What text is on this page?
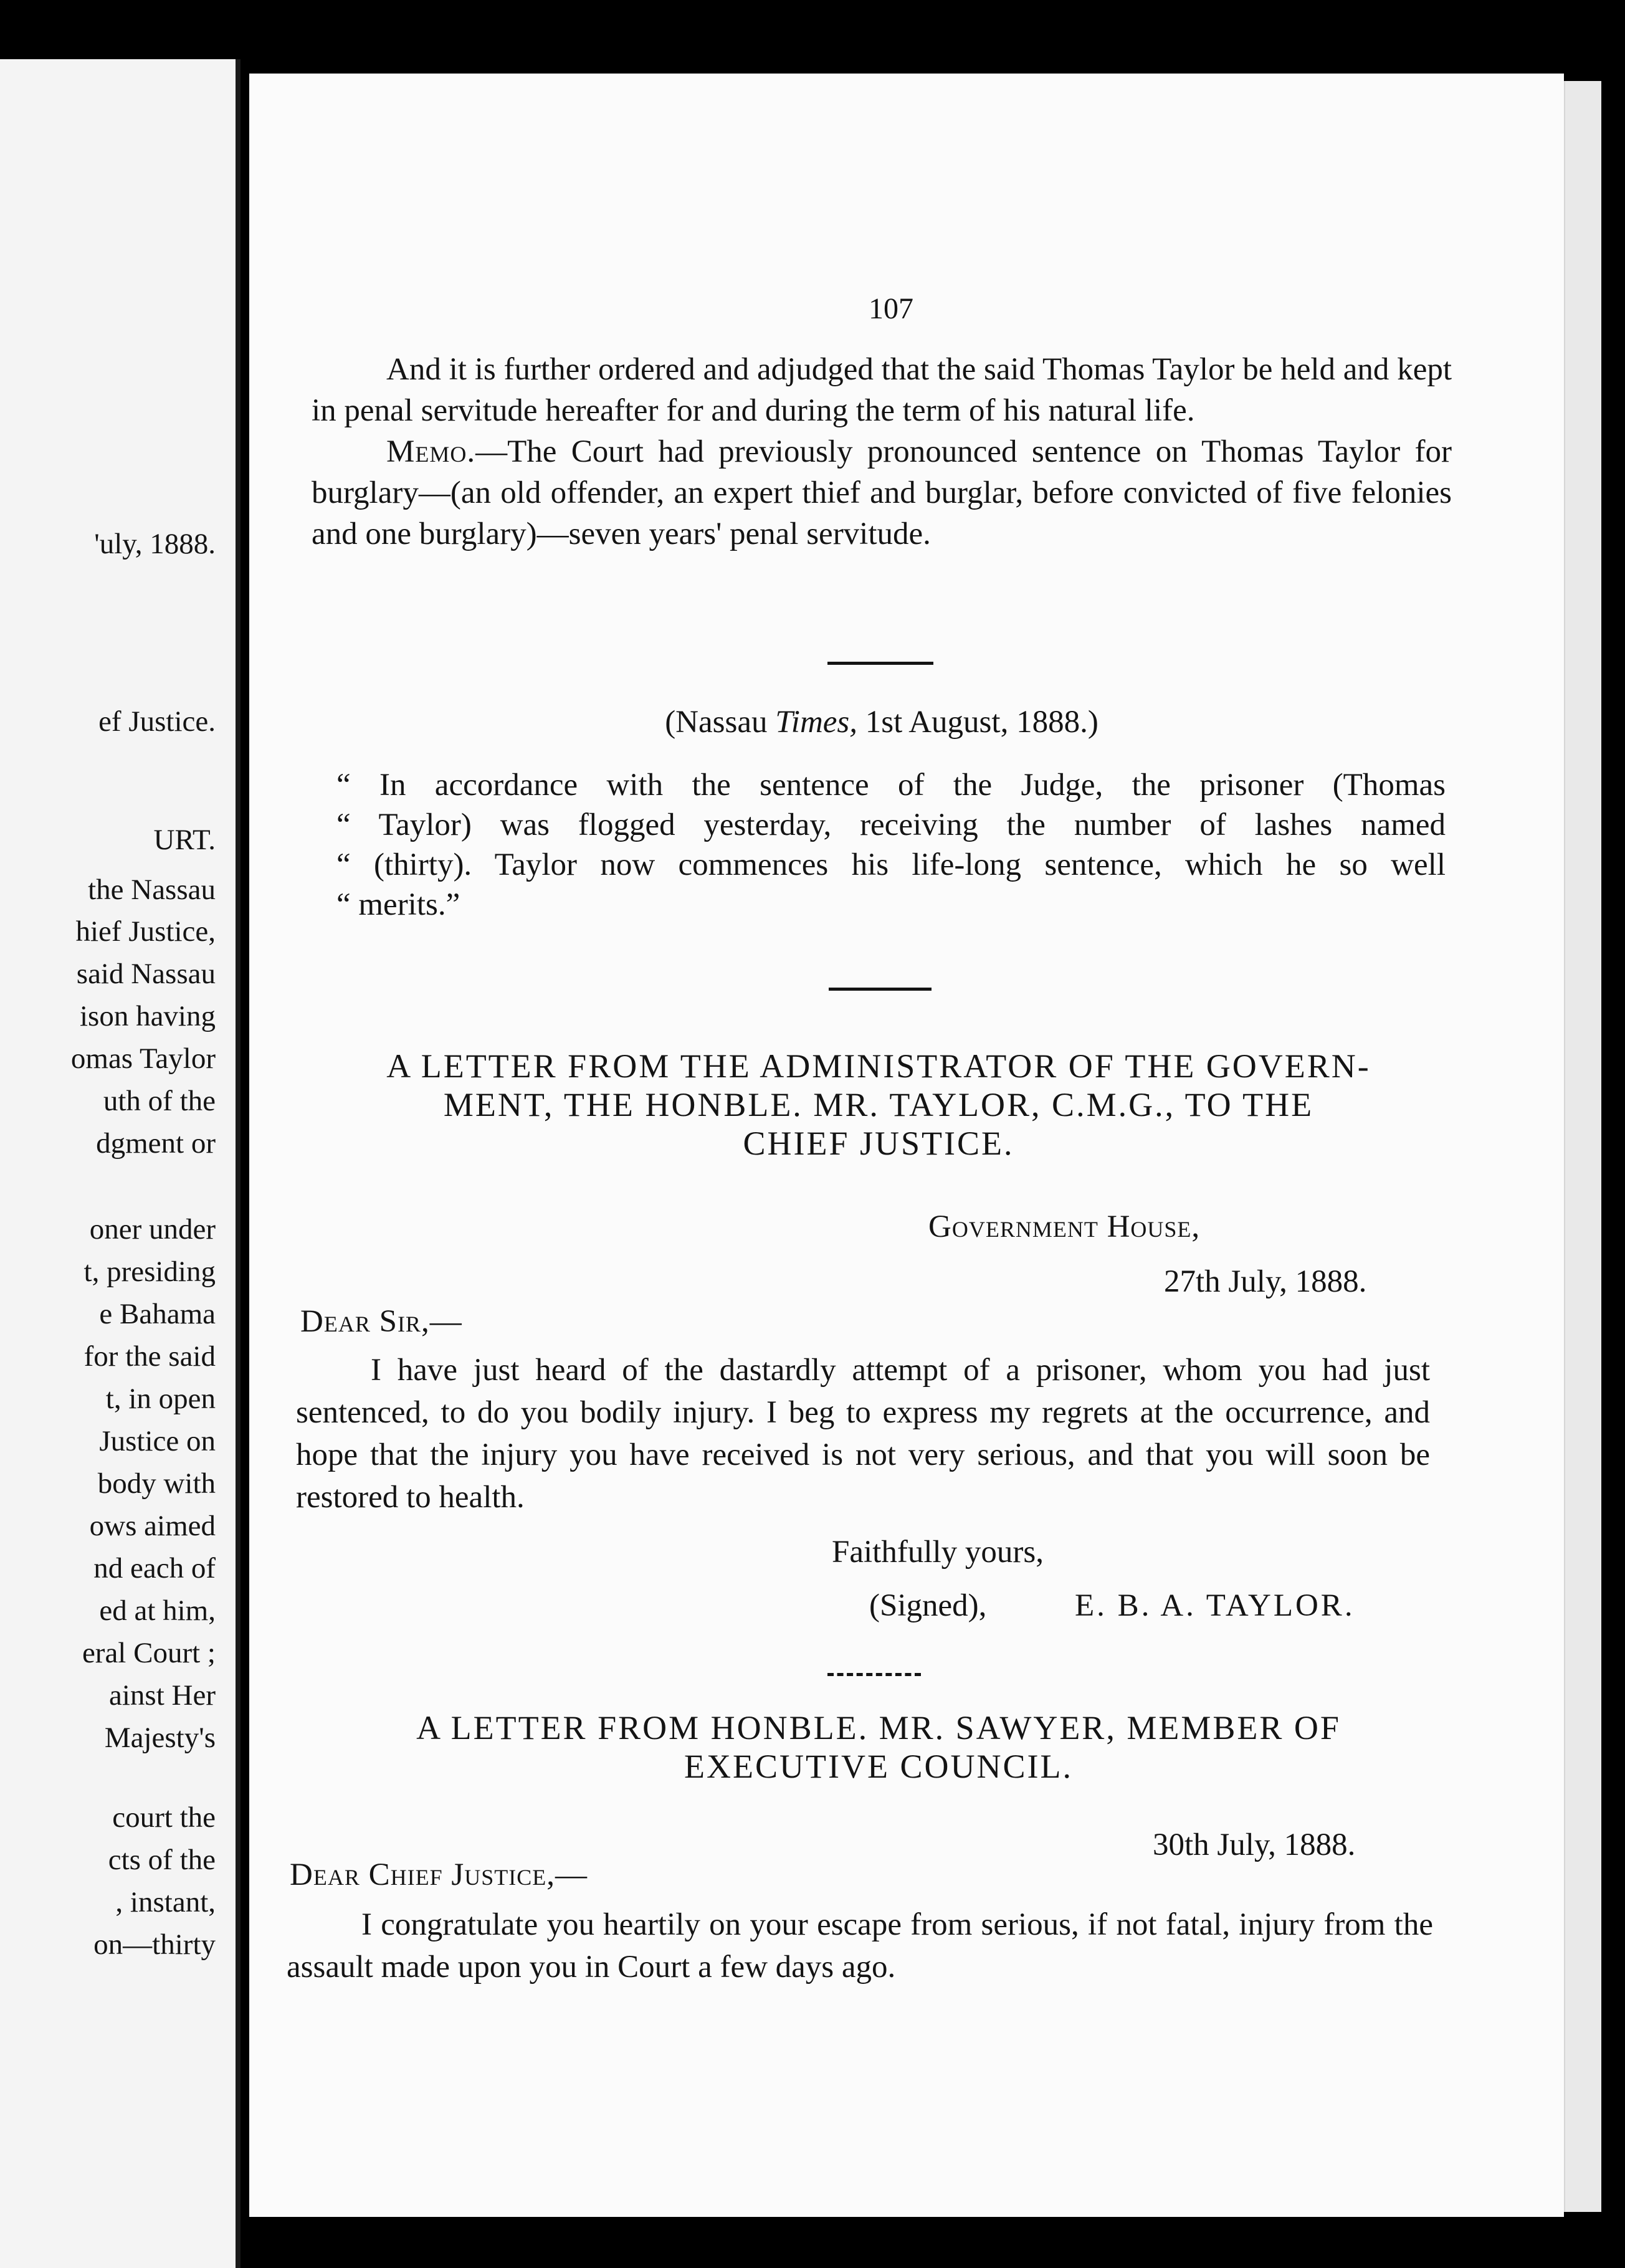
'uly, 1888.
ef Justice.
URT.
the Nassau
hief Justice,
said Nassau
ison having
omas Taylor
uth of the
dgment or
oner under
t, presiding
e Bahama
for the said
t, in open
Justice on
body with
ows aimed
nd each of
ed at him,
eral Court ;
ainst Her
Majesty's
court the
cts of the
, instant,
on—thirty
107

And it is further ordered and adjudged that the said Thomas Taylor be held and kept in penal servitude hereafter for and during the term of his natural life.

Memo.—The Court had previously pronounced sentence on Thomas Taylor for burglary—(an old offender, an expert thief and burglar, before convicted of five felonies and one burglary)—seven years' penal servitude.

(Nassau Times, 1st August, 1888.)

“ In accordance with the sentence of the Judge, the prisoner (Thomas

“ Taylor) was flogged yesterday, receiving the number of lashes named

“ (thirty). Taylor now commences his life-long sentence, which he so well

“ merits.”

A LETTER FROM THE ADMINISTRATOR OF THE GOVERN-
MENT, THE HONBLE. MR. TAYLOR, C.M.G., TO THE
CHIEF JUSTICE.
Government House,
27th July, 1888.
Dear Sir,—

I have just heard of the dastardly attempt of a prisoner, whom you had just sentenced, to do you bodily injury. I beg to express my regrets at the occurrence, and hope that the injury you have received is not very serious, and that you will soon be restored to health.

Faithfully yours,
(Signed),	E. B. A. TAYLOR.
A LETTER FROM HONBLE. MR. SAWYER, MEMBER OF
EXECUTIVE COUNCIL.
30th July, 1888.
Dear Chief Justice,—

I congratulate you heartily on your escape from serious, if not fatal, injury from the assault made upon you in Court a few days ago.
